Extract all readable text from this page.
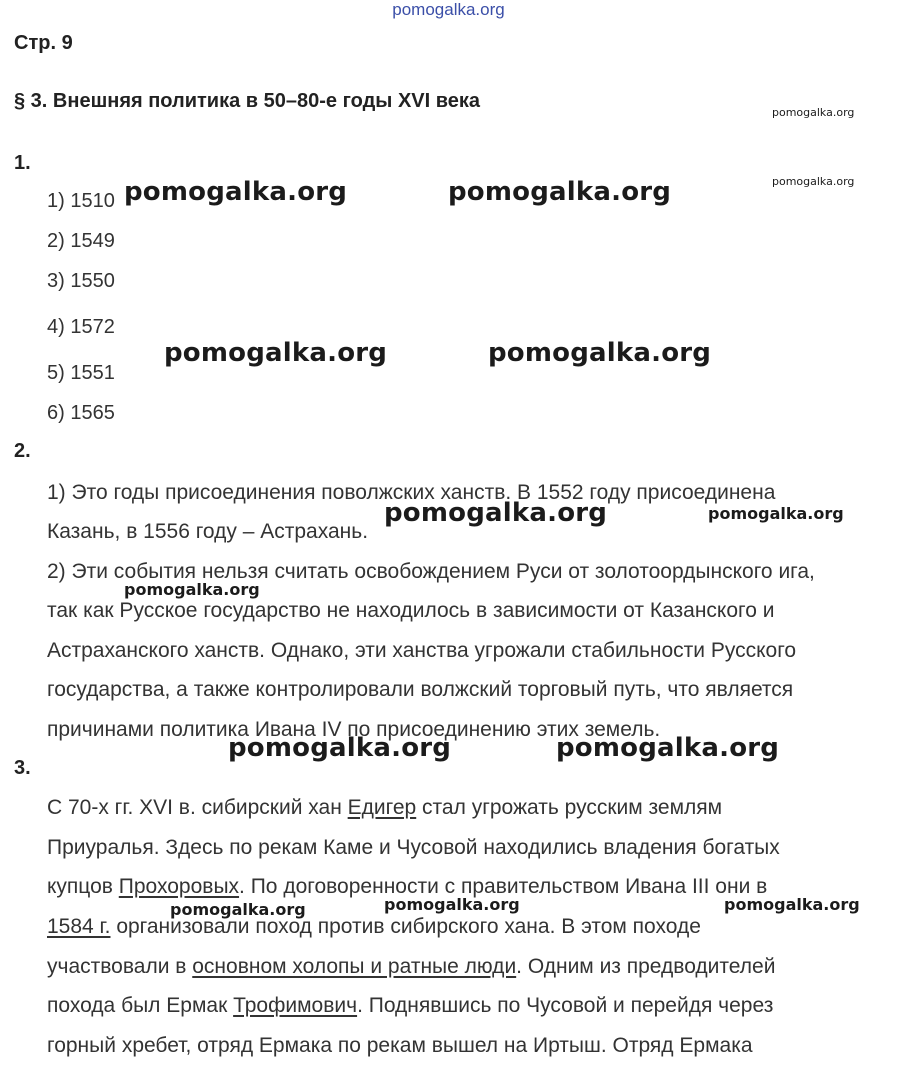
pomogalka.org
Стр. 9
§ 3. Внешняя политика в 50–80-е годы XVI века
1.
1) 1510
2) 1549
3) 1550
4) 1572
5) 1551
6) 1565
2.
1) Это годы присоединения поволжских ханств. В 1552 году присоединена
Казань, в 1556 году – Астрахань.
2) Эти события нельзя считать освобождением Руси от золотоордынского ига,
так как Русское государство не находилось в зависимости от Казанского и
Астраханского ханств. Однако, эти ханства угрожали стабильности Русского
государства, а также контролировали волжский торговый путь, что является
причинами политика Ивана IV по присоединению этих земель.
3.
С 70-х гг. XVI в. сибирский хан Едигер стал угрожать русским землям
Приуралья. Здесь по рекам Каме и Чусовой находились владения богатых
купцов Прохоровых. По договоренности с правительством Ивана III они в
1584 г. организовали поход против сибирского хана. В этом походе
участвовали в основном холопы и ратные люди. Одним из предводителей
похода был Ермак Трофимович. Поднявшись по Чусовой и перейдя через
горный хребет, отряд Ермака по рекам вышел на Иртыш. Отряд Ермака
pomogalka.org
pomogalka.org
pomogalka.org	pomogalka.org
pomogalka.org	pomogalka.org
pomogalka.org	pomogalka.org
pomogalka.org
pomogalka.org	pomogalka.org
pomogalka.org	pomogalka.org	pomogalka.org
